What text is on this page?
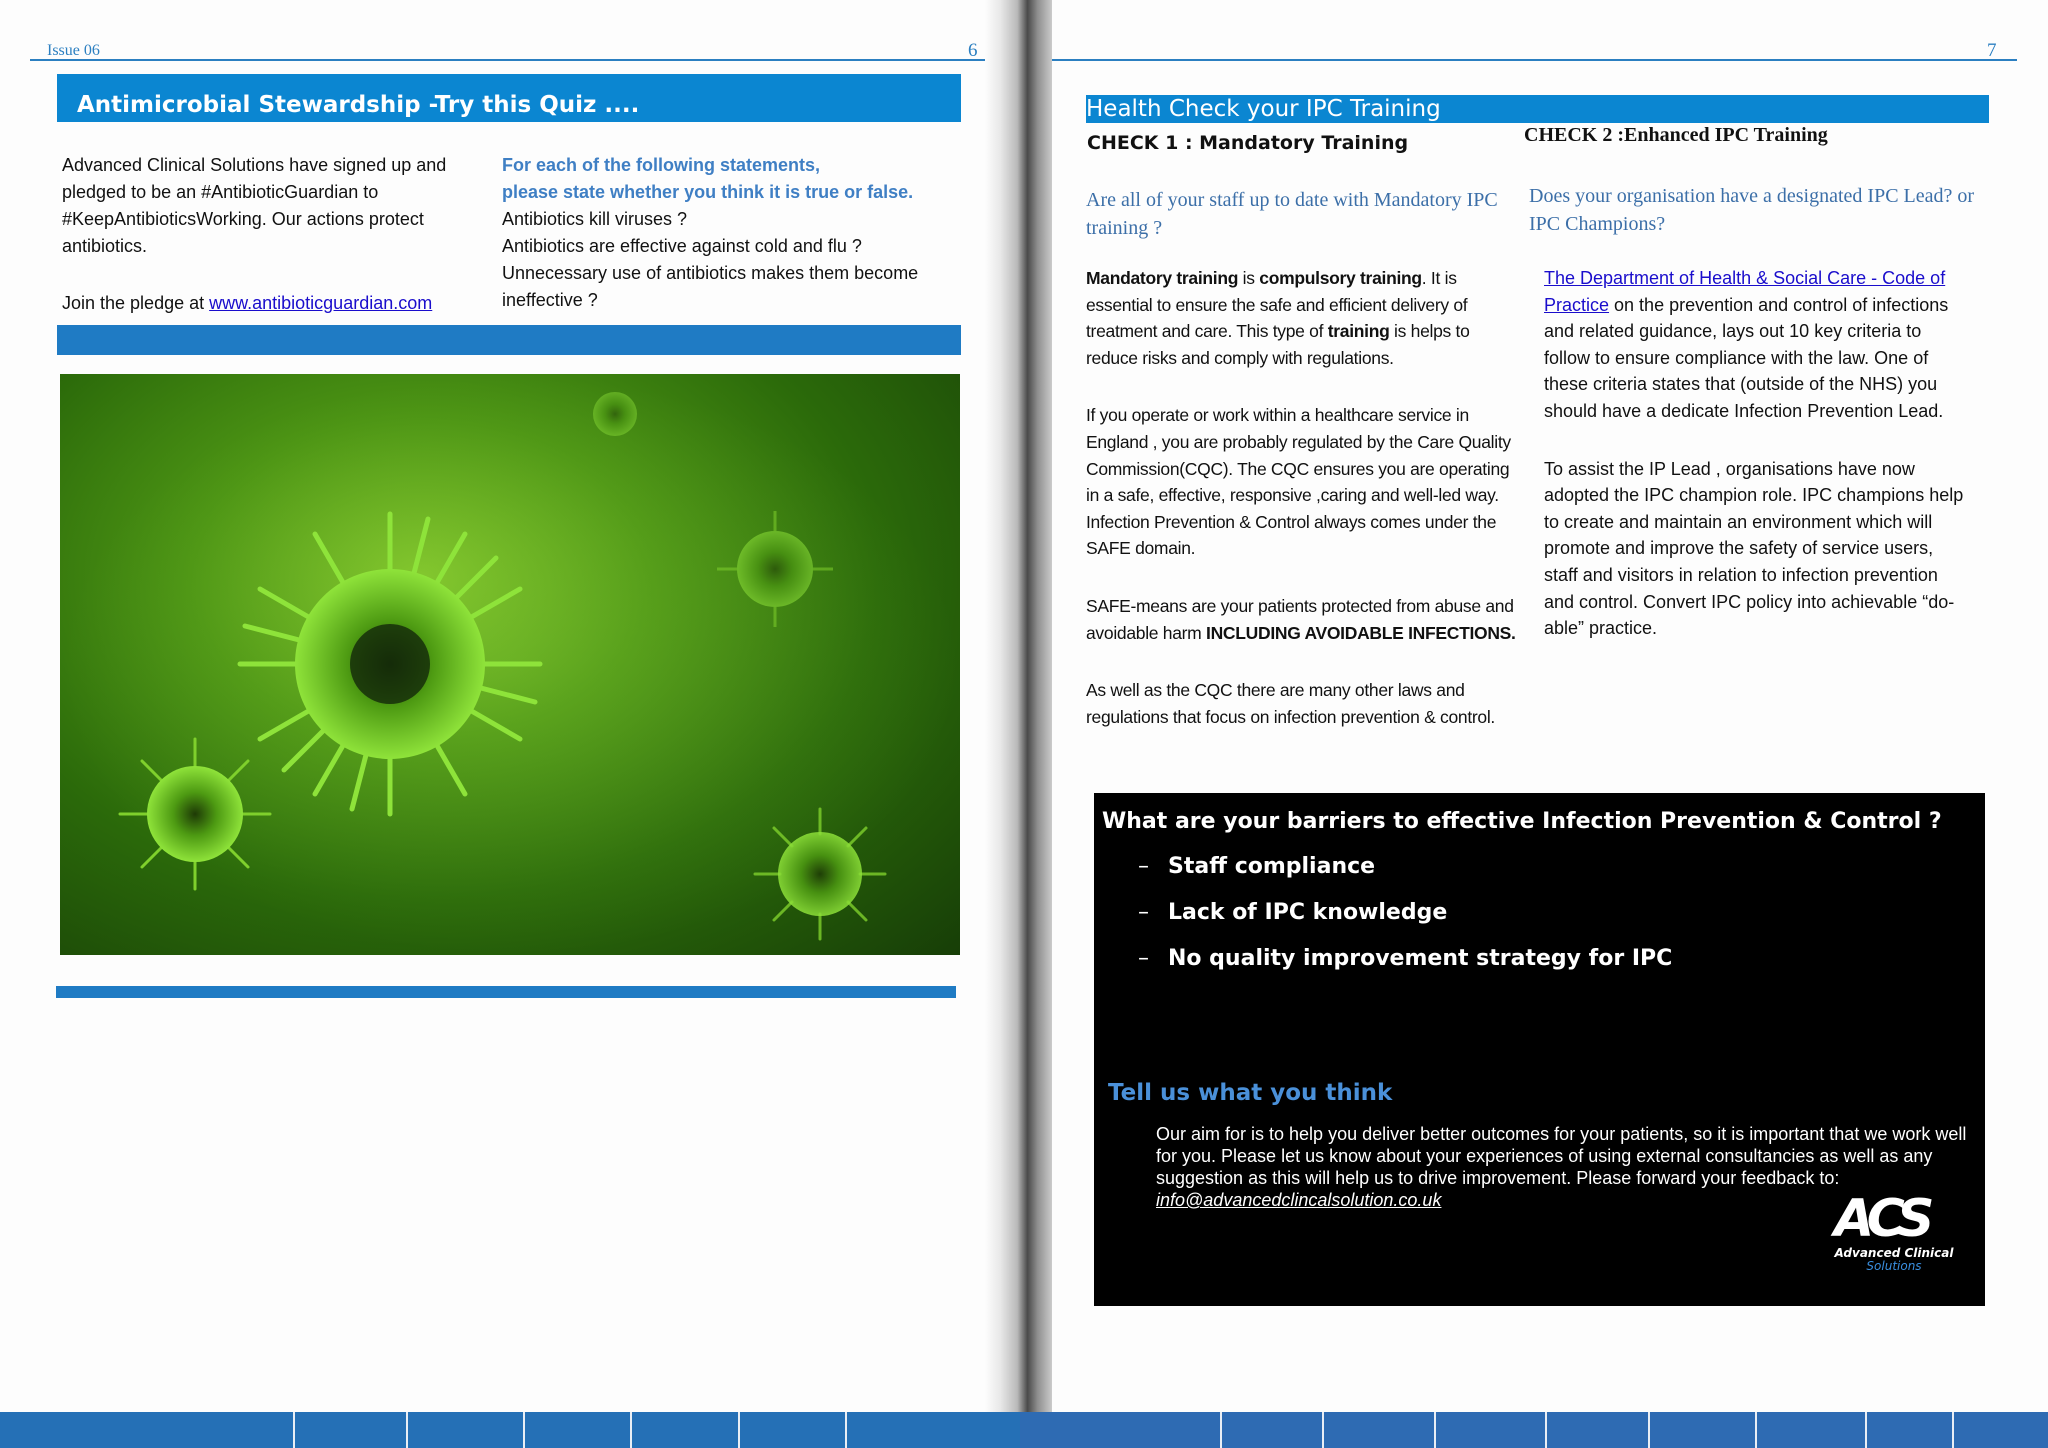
Issue 06	6
Antimicrobial Stewardship -Try this Quiz ....

Advanced Clinical Solutions have signed up and pledged to be an #AntibioticGuardian to #KeepAntibioticsWorking. Our actions protect antibiotics.

Join the pledge at www.antibioticguardian.com

For each of the following statements,

please state whether you think it is true or false.

Antibiotics kill viruses ?

Antibiotics are effective against cold and flu ?

Unnecessary use of antibiotics makes them become ineffective ?

7
Health Check your IPC Training
CHECK 1 : Mandatory Training	CHECK 2 :Enhanced IPC Training
Are all of your staff up to date with Mandatory IPC training ?
Does your organisation have a designated IPC Lead? or IPC Champions?

Mandatory training is compulsory training. It is essential to ensure the safe and efficient delivery of treatment and care. This type of training is helps to reduce risks and comply with regulations.

If you operate or work within a healthcare service in England , you are probably regulated by the Care Quality Commission(CQC). The CQC ensures you are operating in a safe, effective, responsive ,caring and well-led way. Infection Prevention & Control always comes under the SAFE domain.

SAFE-means are your patients protected from abuse and avoidable harm INCLUDING AVOIDABLE INFECTIONS.

As well as the CQC there are many other laws and regulations that focus on infection prevention & control.

The Department of Health & Social Care - Code of Practice on the prevention and control of infections and related guidance, lays out 10 key criteria to follow to ensure compliance with the law. One of these criteria states that (outside of the NHS) you should have a dedicate Infection Prevention Lead.

To assist the IP Lead , organisations have now adopted the IPC champion role. IPC champions help to create and maintain an environment which will promote and improve the safety of service users, staff and visitors in relation to infection prevention and control. Convert IPC policy into achievable “do-able” practice.

What are your barriers to effective Infection Prevention & Control ?
– Staff compliance
– Lack of IPC knowledge
– No quality improvement strategy for IPC
Tell us what you think
Our aim for is to help you deliver better outcomes for your patients, so it is important that we work well for you. Please let us know about your experiences of using external consultancies as well as any suggestion as this will help us to drive improvement. Please forward your feedback to:
info@advancedclincalsolution.co.uk	ACS
Advanced Clinical
Solutions
